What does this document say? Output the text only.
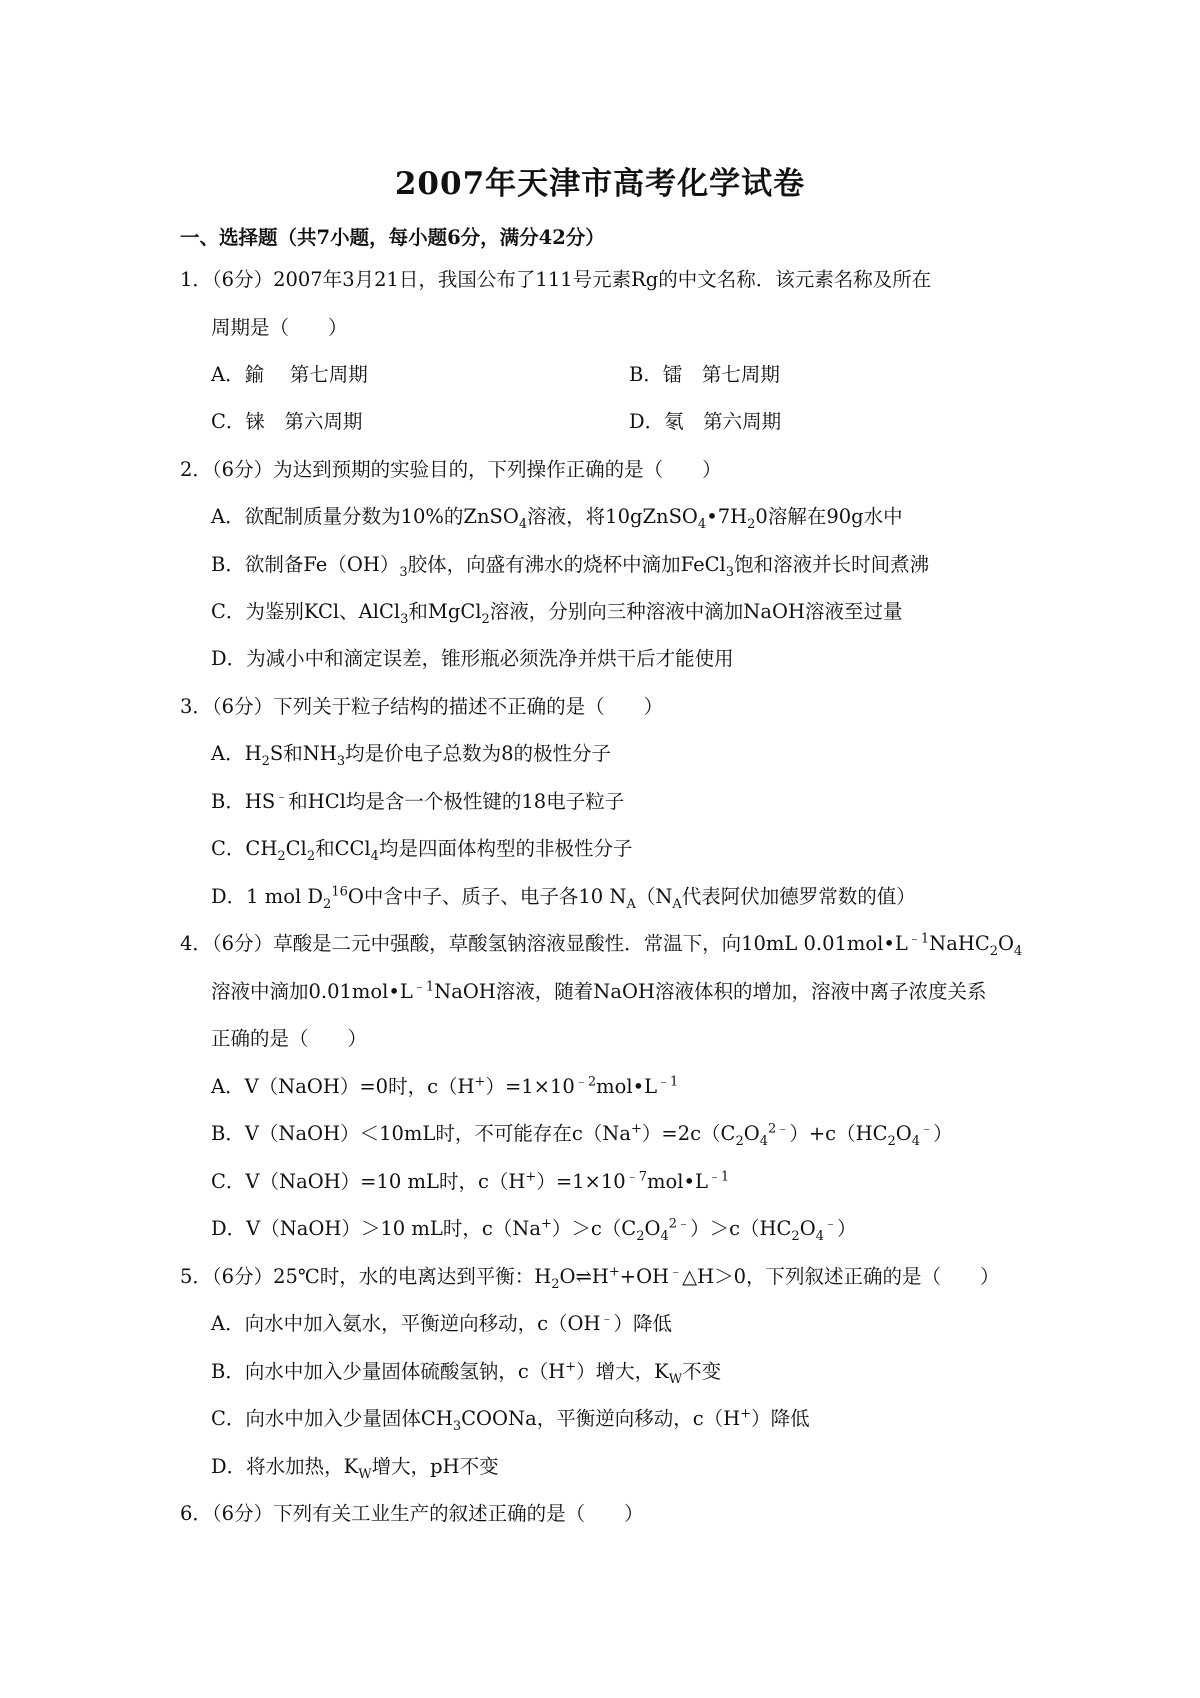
2007年天津市高考化学试卷
一、选择题（共7小题，每小题6分，满分42分）
1．（6分）2007年3月21日，我国公布了111号元素Rg的中文名称．该元素名称及所在
周期是（　　）
A．鍮　 第七周期	B．镭　第七周期
C．铼　第六周期	D．氡　第六周期
2．（6分）为达到预期的实验目的，下列操作正确的是（　　）
A．欲配制质量分数为10%的ZnSO$_4$溶液，将$10gZnSO_4•7H_20$溶解在90g水中
B．欲制备$Fe(OH)_3$胶体，向盛有沸水的烧杯中滴加FeCl$_3$饱和溶液并长时间煮沸
C．为鉴别KCl、AlCl$_3$和MgCl$_2$溶液，分别向三种溶液中滴加NaOH溶液至过量
D．为减小中和滴定误差，锥形瓶必须洗净并烘干后才能使用
3．（6分）下列关于粒子结构的描述不正确的是（　　）
A．$H_2S$和$NH_3$均是价电子总数为8的极性分子
B．HS﹣和HCl均是含一个极性键的18电子粒子
C．$CH_2Cl_2$和CCl$_4$均是四面体构型的非极性分子
D．1 mol $D_2^{16}O$中含中子、质子、电子各10 $N_A(N_A$代表阿伏加德罗常数的值）
4．（6分）草酸是二元中强酸，草酸氢钠溶液显酸性．常温下，向10mL $0.01mol•L^{﹣1}NaHC_2O_4$
溶液中滴加$0.01mol•L^{﹣1}NaOH$溶液，随着NaOH溶液体积的增加，溶液中离子浓度关系
正确的是（　　）
A．V（NaOH）=0时，$c(H^+)=1\times 10^{﹣2}mol•L^{﹣1}$
B．V（NaOH）＜10mL时，不可能存在$c(Na^+)=2c(C_2O_4^{2﹣})+c(HC_2O_4^﹣)$
C．V（NaOH）=10 mL时，$c(H^+)=1\times 10^{﹣7}mol•L^{﹣1}$
D．V（NaOH）＞10 mL时，$c(Na^+)>c(C_2O_4^{2﹣})>c(HC_2O_4^﹣)$
5．（6分）25℃时，水的电离达到平衡：$H_2O\rightleftharpoons H^++OH^﹣\triangle H>0$，下列叙述正确的是（　　）
A．向水中加入氨水，平衡逆向移动，c（OH﹣）降低
B．向水中加入少量固体硫酸氢钠，c（H+）增大，$K_W$不变
C．向水中加入少量固体$CH_3COONa$，平衡逆向移动，c（H+）降低
D．将水加热，$K_W$增大，pH不变
6．（6分）下列有关工业生产的叙述正确的是（　　）
